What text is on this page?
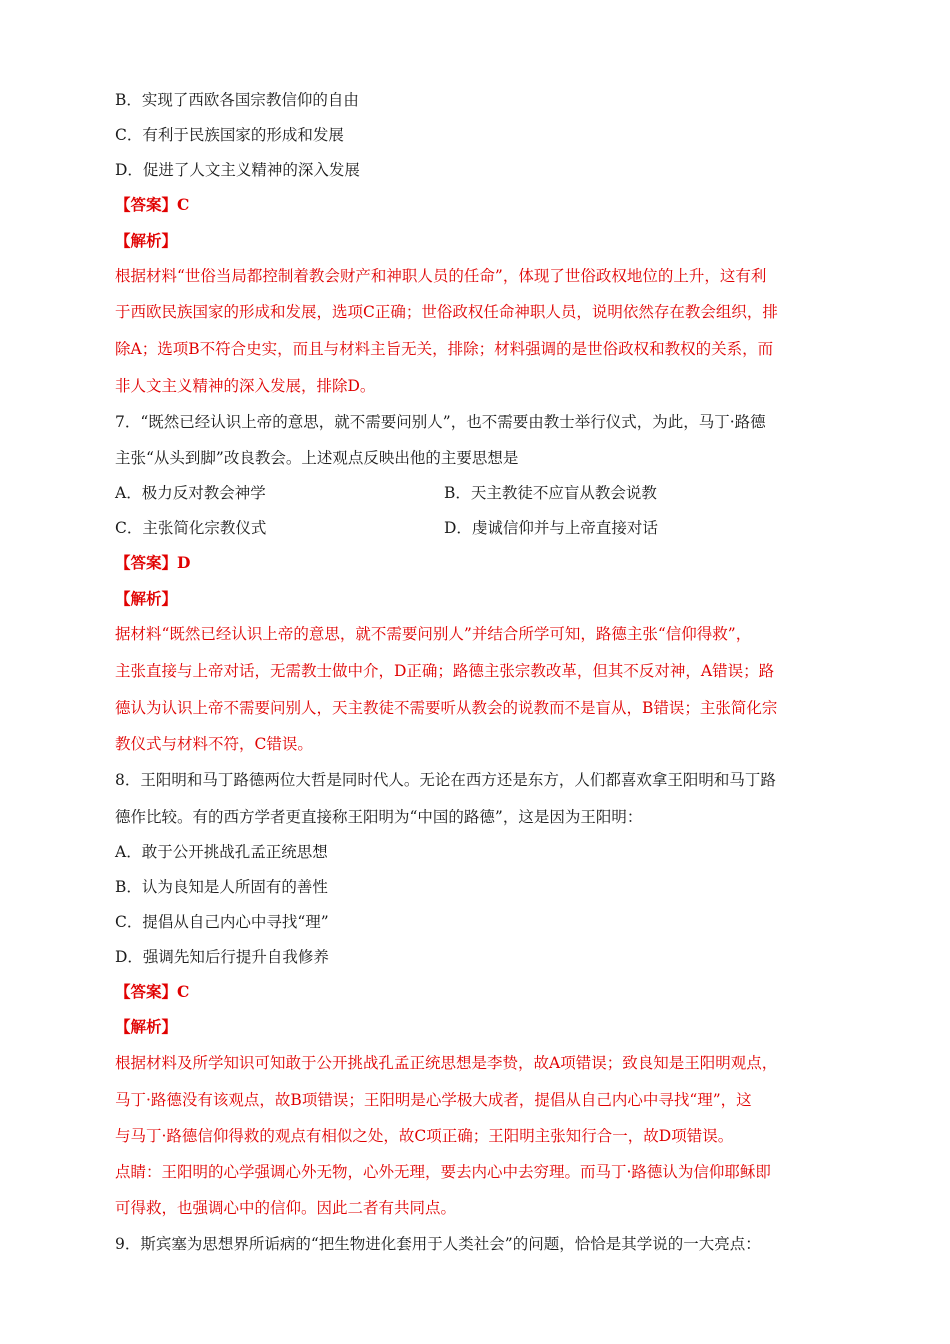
B．实现了西欧各国宗教信仰的自由
C．有利于民族国家的形成和发展
D．促进了人文主义精神的深入发展
【答案】C
【解析】
根据材料“世俗当局都控制着教会财产和神职人员的任命”，体现了世俗政权地位的上升，这有利
于西欧民族国家的形成和发展，选项C正确；世俗政权任命神职人员，说明依然存在教会组织，排
除A；选项B不符合史实，而且与材料主旨无关，排除；材料强调的是世俗政权和教权的关系，而
非人文主义精神的深入发展，排除D。
7．“既然已经认识上帝的意思，就不需要问别人”，也不需要由教士举行仪式，为此，马丁·路德
主张“从头到脚”改良教会。上述观点反映出他的主要思想是
A．极力反对教会神学	B．天主教徒不应盲从教会说教
C．主张简化宗教仪式	D．虔诚信仰并与上帝直接对话
【答案】D
【解析】
据材料“既然已经认识上帝的意思，就不需要问别人”并结合所学可知，路德主张“信仰得救”，
主张直接与上帝对话，无需教士做中介，D正确；路德主张宗教改革，但其不反对神，A错误；路
德认为认识上帝不需要问别人，天主教徒不需要听从教会的说教而不是盲从，B错误；主张简化宗
教仪式与材料不符，C错误。
8．王阳明和马丁路德两位大哲是同时代人。无论在西方还是东方，人们都喜欢拿王阳明和马丁路
德作比较。有的西方学者更直接称王阳明为“中国的路德”，这是因为王阳明：
A．敢于公开挑战孔孟正统思想
B．认为良知是人所固有的善性
C．提倡从自己内心中寻找“理”
D．强调先知后行提升自我修养
【答案】C
【解析】
根据材料及所学知识可知敢于公开挑战孔孟正统思想是李贽，故A项错误；致良知是王阳明观点，
马丁·路德没有该观点，故B项错误；王阳明是心学极大成者，提倡从自己内心中寻找“理”，这
与马丁·路德信仰得救的观点有相似之处，故C项正确；王阳明主张知行合一，故D项错误。
点睛：王阳明的心学强调心外无物，心外无理，要去内心中去穷理。而马丁·路德认为信仰耶稣即
可得救，也强调心中的信仰。因此二者有共同点。
9．斯宾塞为思想界所诟病的“把生物进化套用于人类社会”的问题，恰恰是其学说的一大亮点：
